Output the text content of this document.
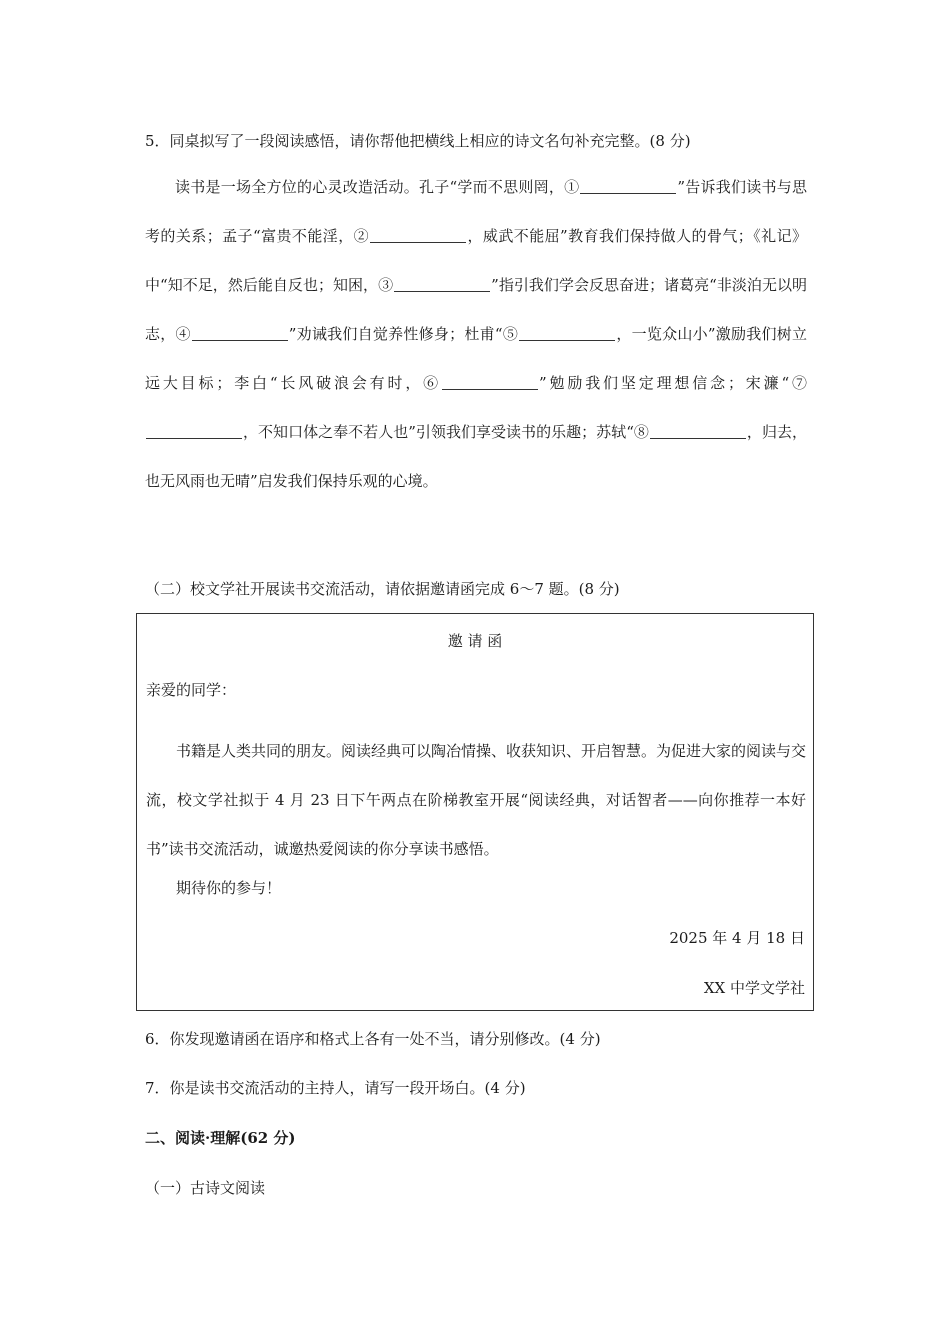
5．同桌拟写了一段阅读感悟，请你帮他把横线上相应的诗文名句补充完整。(8 分)

读书是一场全方位的心灵改造活动。孔子“学而不思则罔，①	”告诉我们读书与思考的关系；孟子“富贵不能淫，②	，威武不能屈”教育我们保持做人的骨气；《礼记》中“知不足，然后能自反也；知困，③	”指引我们学会反思奋进；诸葛亮“非淡泊无以明志，④	”劝诫我们自觉养性修身；杜甫“⑤	，一览众山小”激励我们树立远大目标；李白“长风破浪会有时，⑥	”勉励我们坚定理想信念；宋濂“⑦，不知口体之奉不若人也”引领我们享受读书的乐趣；苏轼“⑧	，归去，也无风雨也无晴”启发我们保持乐观的心境。

（二）校文学社开展读书交流活动，请依据邀请函完成 6～7 题。(8 分)
邀 请 函
亲爱的同学：

书籍是人类共同的朋友。阅读经典可以陶冶情操、收获知识、开启智慧。为促进大家的阅读与交流，校文学社拟于 4 月 23 日下午两点在阶梯教室开展“阅读经典，对话智者——向你推荐一本好书”读书交流活动，诚邀热爱阅读的你分享读书感悟。

期待你的参与！
2025 年 4 月 18 日
XX 中学文学社
6．你发现邀请函在语序和格式上各有一处不当，请分别修改。(4 分)
7．你是读书交流活动的主持人，请写一段开场白。(4 分)
二、阅读·理解(62 分)
（一）古诗文阅读
